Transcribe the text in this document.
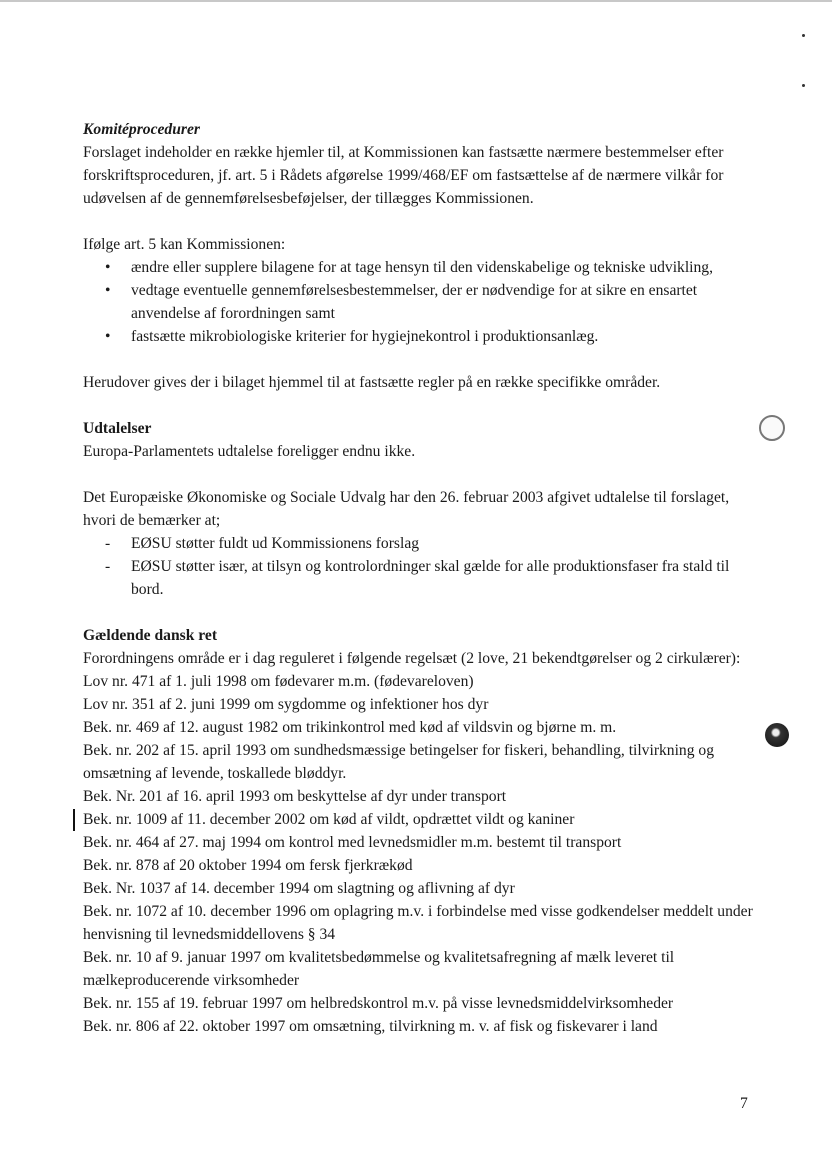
Komitéprocedurer

Forslaget indeholder en række hjemler til, at Kommissionen kan fastsætte nærmere bestemmelser efter forskriftsproceduren, jf. art. 5 i Rådets afgørelse 1999/468/EF om fastsættelse af de nærmere vilkår for udøvelsen af de gennemførelsesbeføjelser, der tillægges Kommissionen.

Ifølge art. 5 kan Kommissionen:

• ændre eller supplere bilagene for at tage hensyn til den videnskabelige og tekniske udvikling,
• vedtage eventuelle gennemførelsesbestemmelser, der er nødvendige for at sikre en ensartet anvendelse af forordningen samt
• fastsætte mikrobiologiske kriterier for hygiejnekontrol i produktionsanlæg.

Herudover gives der i bilaget hjemmel til at fastsætte regler på en række specifikke områder.

Udtalelser

Europa-Parlamentets udtalelse foreligger endnu ikke.

Det Europæiske Økonomiske og Sociale Udvalg har den 26. februar 2003 afgivet udtalelse til forslaget, hvori de bemærker at;

- EØSU støtter fuldt ud Kommissionens forslag
- EØSU støtter især, at tilsyn og kontrolordninger skal gælde for alle produktionsfaser fra stald til bord.

Gældende dansk ret

Forordningens område er i dag reguleret i følgende regelsæt (2 love, 21 bekendtgørelser og 2 cirkulærer):

Lov nr. 471 af 1. juli 1998 om fødevarer m.m. (fødevareloven)

Lov nr. 351 af 2. juni 1999 om sygdomme og infektioner hos dyr

Bek. nr. 469 af 12. august 1982 om trikinkontrol med kød af vildsvin og bjørne m. m.

Bek. nr. 202 af 15. april 1993 om sundhedsmæssige betingelser for fiskeri, behandling, tilvirkning og omsætning af levende, toskallede bløddyr.

Bek. Nr. 201 af 16. april 1993 om beskyttelse af dyr under transport

Bek. nr. 1009 af 11. december 2002 om kød af vildt, opdrættet vildt og kaniner

Bek. nr. 464 af 27. maj 1994 om kontrol med levnedsmidler m.m. bestemt til transport

Bek. nr. 878 af 20 oktober 1994 om fersk fjerkrækød

Bek. Nr. 1037 af 14. december 1994 om slagtning og aflivning af dyr

Bek. nr. 1072 af 10. december 1996 om oplagring m.v. i forbindelse med visse godkendelser meddelt under henvisning til levnedsmiddellovens § 34

Bek. nr. 10 af 9. januar 1997 om kvalitetsbedømmelse og kvalitetsafregning af mælk leveret til mælkeproducerende virksomheder

Bek. nr. 155 af 19. februar 1997 om helbredskontrol m.v. på visse levnedsmiddelvirksomheder

Bek. nr. 806 af 22. oktober 1997 om omsætning, tilvirkning m. v. af fisk og fiskevarer i land

7
